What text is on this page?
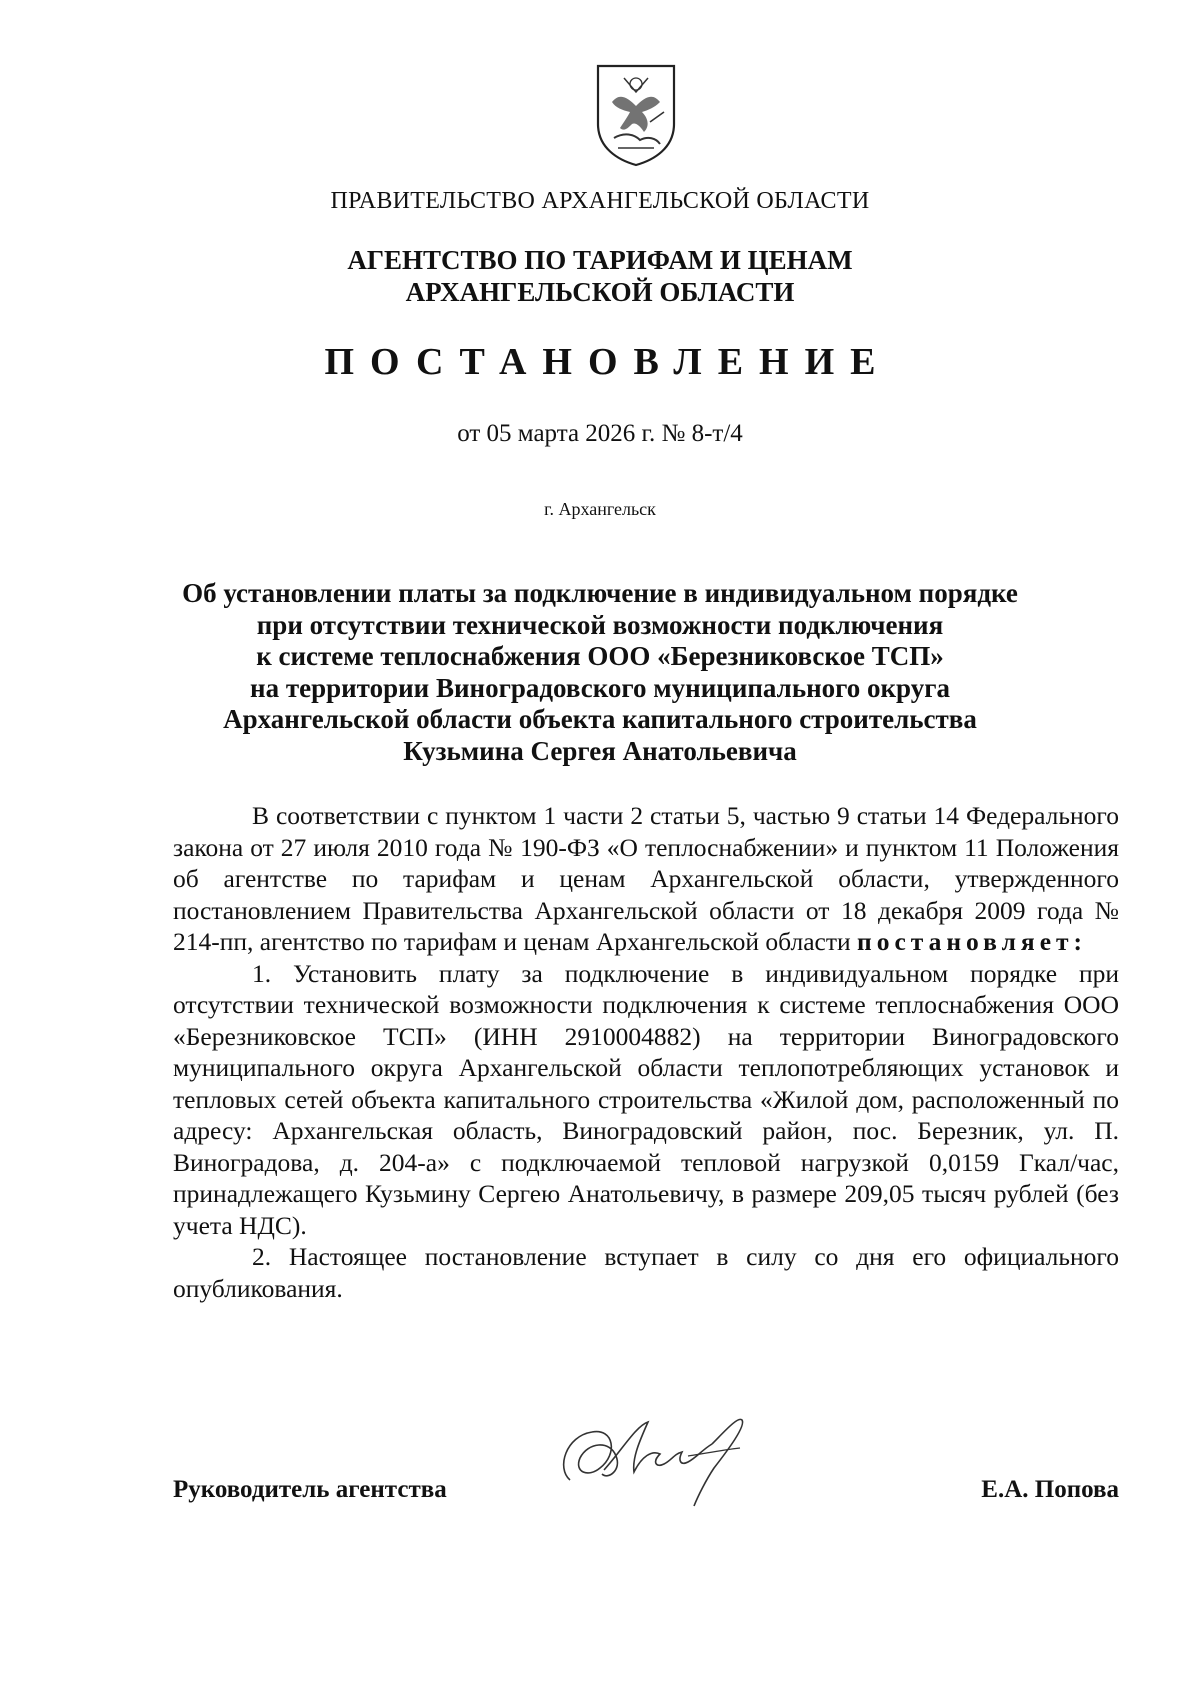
ПРАВИТЕЛЬСТВО АРХАНГЕЛЬСКОЙ ОБЛАСТИ
АГЕНТСТВО ПО ТАРИФАМ И ЦЕНАМ
АРХАНГЕЛЬСКОЙ ОБЛАСТИ
ПОСТАНОВЛЕНИЕ
от 05 марта 2026 г. № 8-т/4
г. Архангельск
Об установлении платы за подключение в индивидуальном порядке
при отсутствии технической возможности подключения
к системе теплоснабжения ООО «Березниковское ТСП»
на территории Виноградовского муниципального округа
Архангельской области объекта капитального строительства
Кузьмина Сергея Анатольевича

В соответствии с пунктом 1 части 2 статьи 5, частью 9 статьи 14 Федерального закона от 27 июля 2010 года № 190-ФЗ «О теплоснабжении» и пунктом 11 Положения об агентстве по тарифам и ценам Архангельской области, утвержденного постановлением Правительства Архангельской области от 18 декабря 2009 года № 214-пп, агентство по тарифам и ценам Архангельской области постановляет:

1. Установить плату за подключение в индивидуальном порядке при отсутствии технической возможности подключения к системе теплоснабжения ООО «Березниковское ТСП» (ИНН 2910004882) на территории Виноградовского муниципального округа Архангельской области теплопотребляющих установок и тепловых сетей объекта капитального строительства «Жилой дом, расположенный по адресу: Архангельская область, Виноградовский район, пос. Березник, ул. П. Виноградова, д. 204-а» с подключаемой тепловой нагрузкой 0,0159 Гкал/час, принадлежащего Кузьмину Сергею Анатольевичу, в размере 209,05 тысяч рублей (без учета НДС).

2. Настоящее постановление вступает в силу со дня его официального опубликования.

Руководитель агентства	Е.А. Попова
